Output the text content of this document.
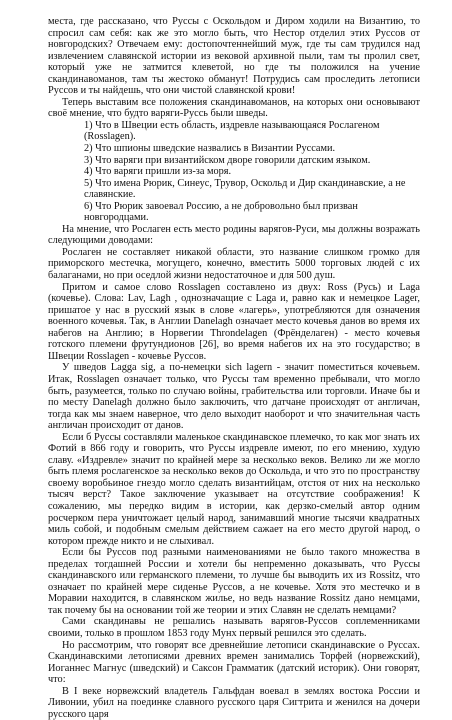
места, где рассказано, что Руссы с Оскольдом и Диром ходили на Византию, то спросил сам себя: как же это могло быть, что Нестор отделил этих Руссов от новгородских? Отвечаем ему: достопочтеннейший муж, где ты сам трудился над извлечением славянской истории из вековой архивной пыли, там ты пролил свет, который уже не затмится клеветой, но где ты положился на учение скандинавоманов, там ты жестоко обманут! Потрудись сам проследить летописи Руссов и ты найдешь, что они чистой славянской крови!

Теперь выставим все положения скандинавоманов, на которых они основывают своё мнение, что будто варяги-Руссь были шведы.

1) Что в Швеции есть область, издревле называющаяся Рослагеном (Rosslagen).
2) Что шпионы шведские назвались в Византии Руссами.
3) Что варяги при византийском дворе говорили датским языком.
4) Что варяги пришли из-за моря.
5) Что имена Рюрик, Синеус, Трувор, Оскольд и Дир скандинавские, а не славянские.
6) Что Рюрик завоевал Россию, а не добровольно был призван новгородцами.

На мнение, что Рослаген есть место родины варягов-Руси, мы должны возражать следующими доводами:

Рослаген не составляет никакой области, это название слишком громко для приморского местечка, могущего, конечно, вместить 5000 торговых людей с их балаганами, но при оседлой жизни недостаточное и для 500 душ.

Притом и самое слово Rosslagen составлено из двух: Ross (Русь) и Laga (кочевье). Слова: Lav, Lagh , однозначащие с Laga и, равно как и немецкое Lager, пришатое у нас в русский язык в слове «лагерь», употребляются для означения военного кочевья. Так, в Англии Danelagh означает место кочевья данов во время их набегов на Англию; в Норвегии Throndelagen (Фрёнделаген) - место кочевья готского племени фрутундионов [26], во время набегов их на это государство; в Швеции Rosslagen - кочевье Руссов.

У шведов Lagga sig, а по-немецки sich lagern - значит поместиться кочевьем. Итак, Rosslagen означает только, что Руссы там временно пребывали, что могло быть, разумеется, только по случаю войны, грабительства или торговли. Иначе бы и по месту Danelagh должно было заключить, что датчане происходят от англичан, тогда как мы знаем наверное, что дело выходит наоборот и что значительная часть англичан происходит от данов.

Если б Руссы составляли маленькое скандинавское племечко, то как мог знать их Фотий в 866 году и говорить, что Руссы издревле имеют, по его мнению, худую славу. «Издревле» значит по крайней мере за несколько веков. Велико ли же могло быть племя рослагенское за несколько веков до Оскольда, и что это по пространству своему воробьиное гнездо могло сделать византийцам, отстоя от них на несколько тысяч верст? Такое заключение указывает на отсутствие соображения! К сожалению, мы передко видим в истории, как дерзко-смелый автор одним росчерком пера уничтожает целый народ, занимавший многие тысячи квадратных миль собой, и подобным смелым действием сажает на его место другой народ, о котором прежде никто и не слыхивал.

Если бы Руссов под разными наименованиями не было такого множества в пределах тогдашней России и хотели бы непременно доказывать, что Руссы скандинавского или германского племени, то лучше бы выводить их из Rossitz, что означает по крайней мере сиденье Руссов, а не кочевье. Хотя это местечко и в Моравии находится, в славянском жилье, но ведь название Rossitz дано немцами, так почему бы на основании той же теории и этих Славян не сделать немцами?

Сами скандинавы не решались называть варягов-Руссов соплеменниками своими, только в прошлом 1853 году Мунх первый решился это сделать.

Но рассмотрим, что говорят все древнейшие летописи скандинавские о Руссах. Скандинавскими летописями древних времен занимались Торфей (норвежский), Иоганнес Магнус (шведский) и Саксон Грамматик (датский историк). Они говорят, что:

В I веке норвежский владетель Гальфдан воевал в землях востока России и Ливонии, убил на поединке славного русского царя Сигтрита и женился на дочери русского царя
